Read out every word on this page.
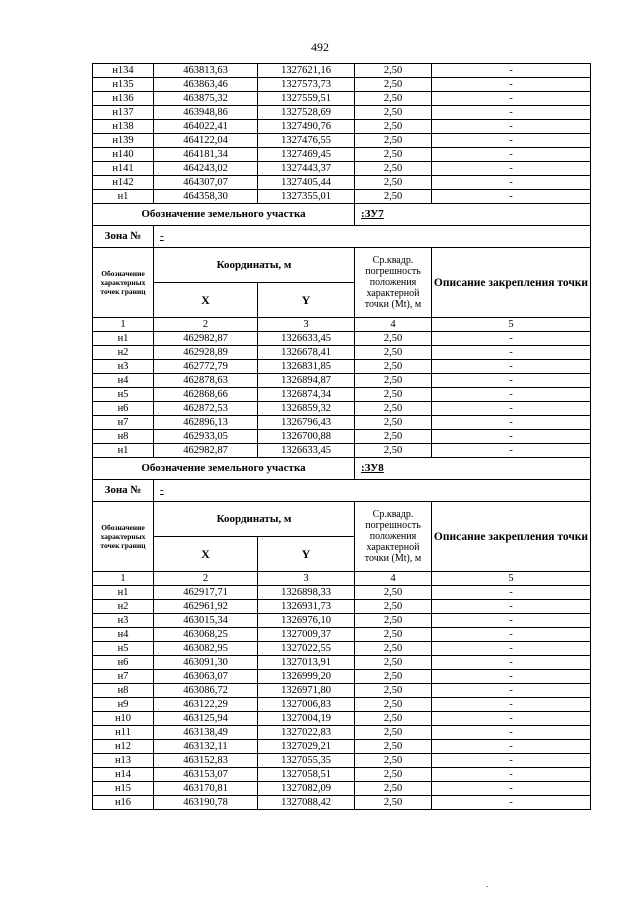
492
н134	463813,63	1327621,16	2,50	-
н135	463863,46	1327573,73	2,50	-
н136	463875,32	1327559,51	2,50	-
н137	463948,86	1327528,69	2,50	-
н138	464022,41	1327490,76	2,50	-
н139	464122,04	1327476,55	2,50	-
н140	464181,34	1327469,45	2,50	-
н141	464243,02	1327443,37	2,50	-
н142	464307,07	1327405,44	2,50	-
н1	464358,30	1327355,01	2,50	-
Обозначение земельного участка			:ЗУ7	
Зона №	-			
Обозначение характерных точек границ	Координаты, м		Ср.квадр. погрешность положения характерной точки (Mt), м	Описание закрепления точки
	X	Y		
1	2	3	4	5
н1	462982,87	1326633,45	2,50	-
н2	462928,89	1326678,41	2,50	-
н3	462772,79	1326831,85	2,50	-
н4	462878,63	1326894,87	2,50	-
н5	462868,66	1326874,34	2,50	-
н6	462872,53	1326859,32	2,50	-
н7	462896,13	1326796,43	2,50	-
н8	462933,05	1326700,88	2,50	-
н1	462982,87	1326633,45	2,50	-
Обозначение земельного участка			:ЗУ8	
Зона №	-			
Обозначение характерных точек границ	Координаты, м		Ср.квадр. погрешность положения характерной точки (Mt), м	Описание закрепления точки
	X	Y		
1	2	3	4	5
н1	462917,71	1326898,33	2,50	-
н2	462961,92	1326931,73	2,50	-
н3	463015,34	1326976,10	2,50	-
н4	463068,25	1327009,37	2,50	-
н5	463082,95	1327022,55	2,50	-
н6	463091,30	1327013,91	2,50	-
н7	463063,07	1326999,20	2,50	-
н8	463086,72	1326971,80	2,50	-
н9	463122,29	1327006,83	2,50	-
н10	463125,94	1327004,19	2,50	-
н11	463138,49	1327022,83	2,50	-
н12	463132,11	1327029,21	2,50	-
н13	463152,83	1327055,35	2,50	-
н14	463153,07	1327058,51	2,50	-
н15	463170,81	1327082,09	2,50	-
н16	463190,78	1327088,42	2,50	-
